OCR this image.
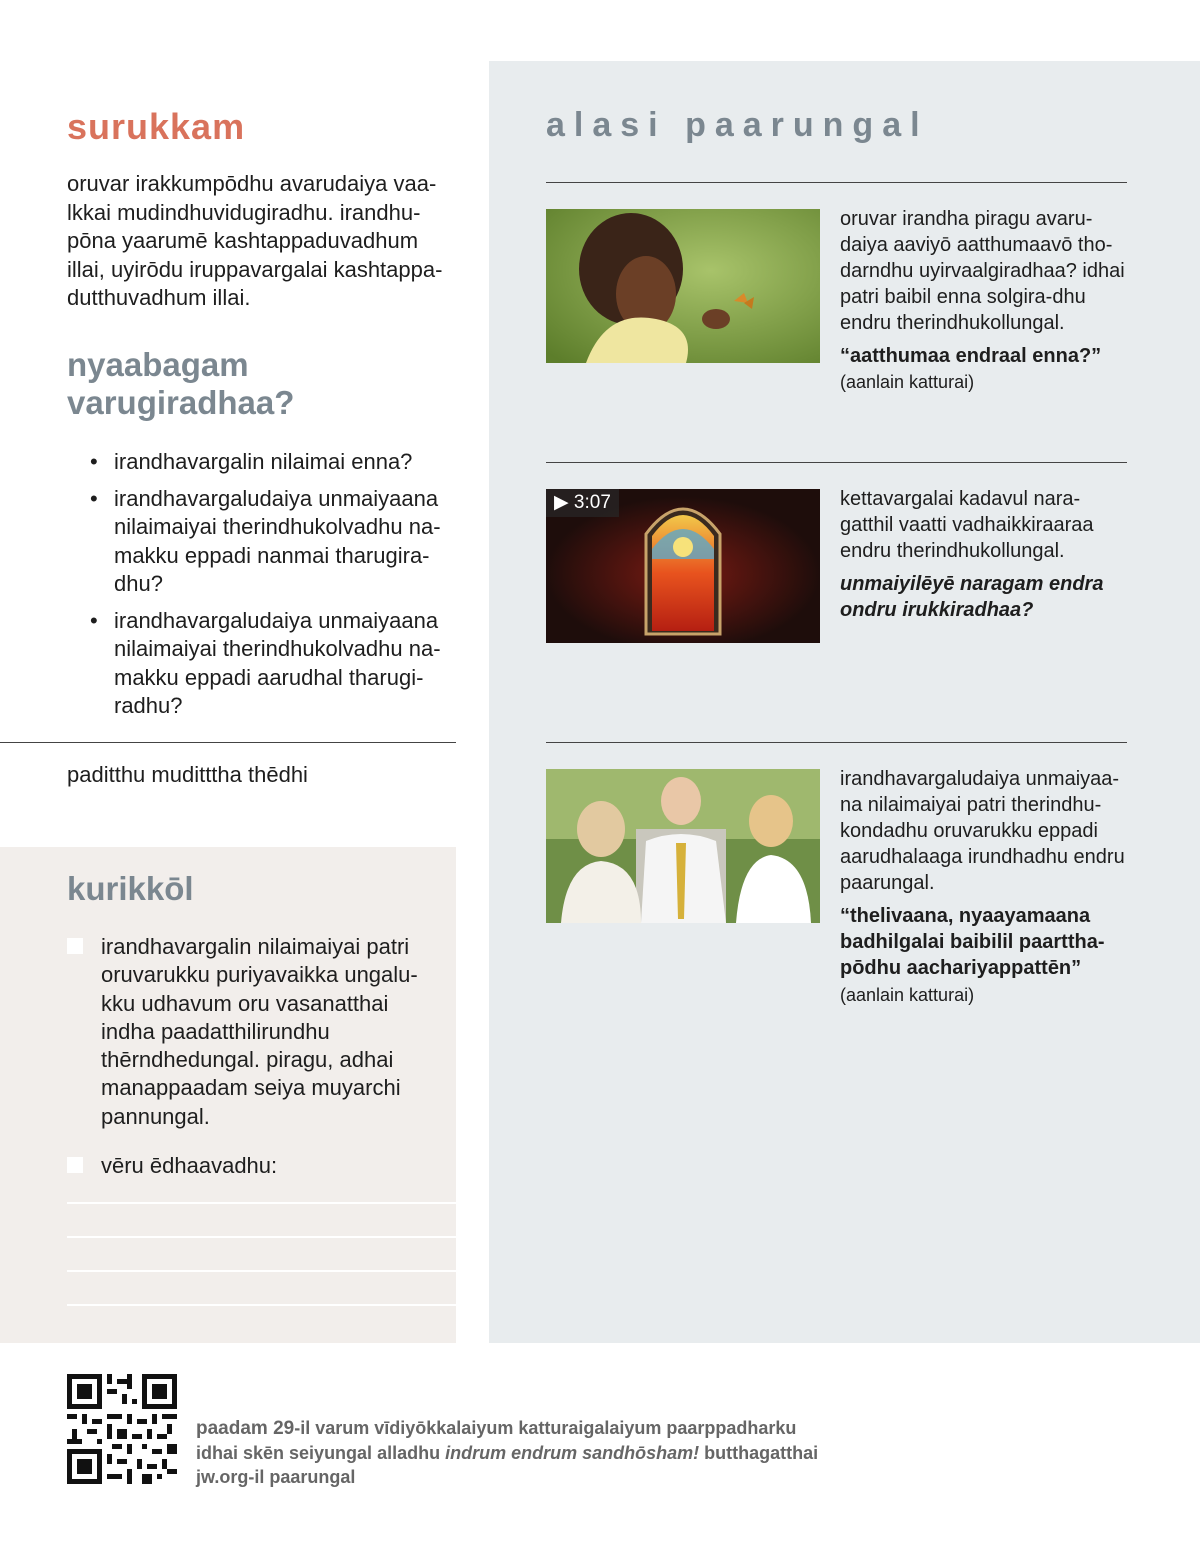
surukkam
oruvar irakkumpōdhu avarudaiya vaa-lkkai mudindhuvidugiradhu. irandhu-pōna yaarumē kashtappaduvadhum illai, uyirōdu iruppavargalai kashtappa-dutthuvadhum illai.
nyaabagam varugiradhaa?
• irandhavargalin nilaimai enna?
• irandhavargaludaiya unmaiyaana nilaimaiyai therindhukolvadhu na-makku eppadi nanmai tharugira-dhu?
• irandhavargaludaiya unmaiyaana nilaimaiyai therindhukolvadhu na-makku eppadi aarudhal tharugi-radhu?
paditthu muditttha thēdhi
kurikkōl
irandhavargalin nilaimaiyai patri oruvarukku puriyavaikka ungalu-kku udhavum oru vasanatthai indha paadatthilirundhu thērndhedungal. piragu, adhai manappaadam seiya muyarchi pannungal.
vēru ēdhaavadhu:
alasi paarungal
oruvar irandha piragu avaru-daiya aaviyō aatthumaavō tho-darndhu uyirvaalgiradhaa? idhai patri baibil enna solgira-dhu endru therindhukollungal.
“aatthumaa endraal enna?”
(aanlain katturai)
▶ 3:07	kettavargalai kadavul nara-gatthil vaatti vadhaikkiraaraa endru therindhukollungal.
unmaiyilēyē naragam endra ondru irukkiradhaa?
irandhavargaludaiya unmaiyaa-na nilaimaiyai patri therindhu-kondadhu oruvarukku eppadi aarudhalaaga irundhadhu endru paarungal.
“thelivaana, nyaayamaana badhilgalai baibilil paarttha-pōdhu aachariyappattēn”
(aanlain katturai)
paadam 29-il varum vīdiyōkkalaiyum katturaigalaiyum paarppadharku idhai skēn seiyungal alladhu indrum endrum sandhōsham! butthagatthai jw.org-il paarungal
